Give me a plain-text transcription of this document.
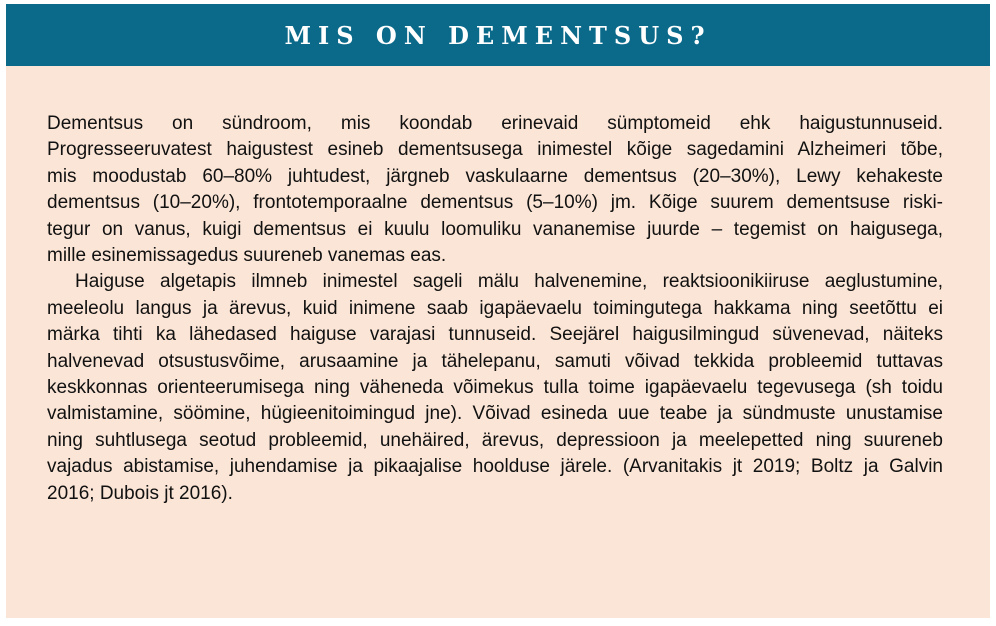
MIS ON DEMENTSUS?
Dementsus on sündroom, mis koondab erinevaid sümptomeid ehk haigustunnuseid.
Progresseeruvatest haigustest esineb dementsusega inimestel kõige sagedamini Alzheimeri tõbe,
mis moodustab 60–80% juhtudest, järgneb vaskulaarne dementsus (20–30%), Lewy kehakeste
dementsus (10–20%), frontotemporaalne dementsus (5–10%) jm. Kõige suurem dementsuse riski-
tegur on vanus, kuigi dementsus ei kuulu loomuliku vananemise juurde – tegemist on haigusega,
mille esinemissagedus suureneb vanemas eas.
Haiguse algetapis ilmneb inimestel sageli mälu halvenemine, reaktsioonikiiruse aeglustumine,
meeleolu langus ja ärevus, kuid inimene saab igapäevaelu toimingutega hakkama ning seetõttu ei
märka tihti ka lähedased haiguse varajasi tunnuseid. Seejärel haigusilmingud süvenevad, näiteks
halvenevad otsustusvõime, arusaamine ja tähelepanu, samuti võivad tekkida probleemid tuttavas
keskkonnas orienteerumisega ning väheneda võimekus tulla toime igapäevaelu tegevusega (sh toidu
valmistamine, söömine, hügieenitoimingud jne). Võivad esineda uue teabe ja sündmuste unustamise
ning suhtlusega seotud probleemid, unehäired, ärevus, depressioon ja meelepetted ning suureneb
vajadus abistamise, juhendamise ja pikaajalise hoolduse järele. (Arvanitakis jt 2019; Boltz ja Galvin
2016; Dubois jt 2016).
